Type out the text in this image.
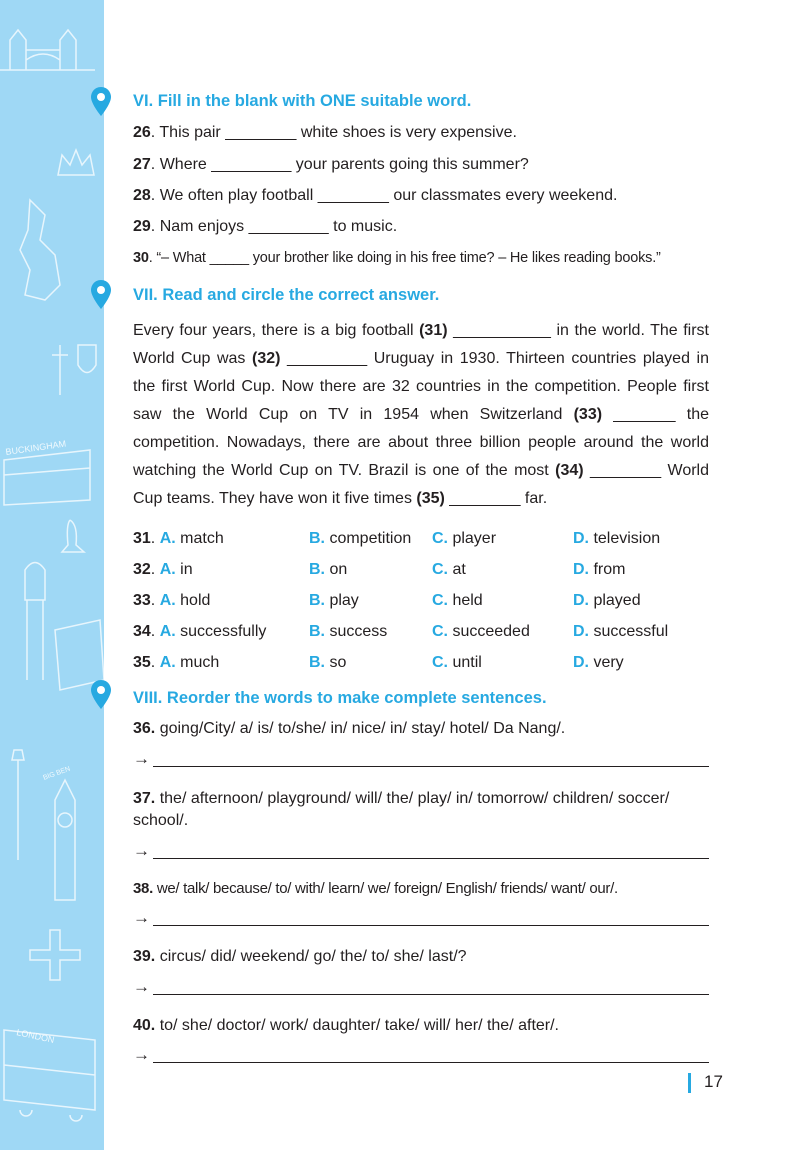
BUCKINGHAM
BIG BEN
LONDON
VI. Fill in the blank with ONE suitable word.
26. This pair ________ white shoes is very expensive.
27. Where _________ your parents going this summer?
28. We often play football ________ our classmates every weekend.
29. Nam enjoys _________ to music.
30. “– What _____ your brother like doing in his free time? – He likes reading books.”
VII. Read and circle the correct answer.
Every four years, there is a big football (31) ___________ in the world. The first World Cup was (32) _________ Uruguay in 1930. Thirteen countries played in the first World Cup. Now there are 32 countries in the competition. People first saw the World Cup on TV in 1954 when Switzerland (33) _______ the competition. Nowadays, there are about three billion people around the world watching the World Cup on TV. Brazil is one of the most (34) ________ World Cup teams. They have won it five times (35) ________ far.
31. A. match	B. competition C. player	D. television
32. A. in	B. on	C. at	D. from
33. A. hold	B. play	C. held	D. played
34. A. successfully	B. success	C. succeeded	D. successful
35. A. much	B. so	C. until	D. very
VIII. Reorder the words to make complete sentences.
36. going/City/ a/ is/ to/she/ in/ nice/ in/ stay/ hotel/ Da Nang/.
→
37. the/ afternoon/ playground/ will/ the/ play/ in/ tomorrow/ children/ soccer/ school/.
→
38. we/ talk/ because/ to/ with/ learn/ we/ foreign/ English/ friends/ want/ our/.
→
39. circus/ did/ weekend/ go/ the/ to/ she/ last/?
→
40. to/ she/ doctor/ work/ daughter/ take/ will/ her/ the/ after/.
→
17
